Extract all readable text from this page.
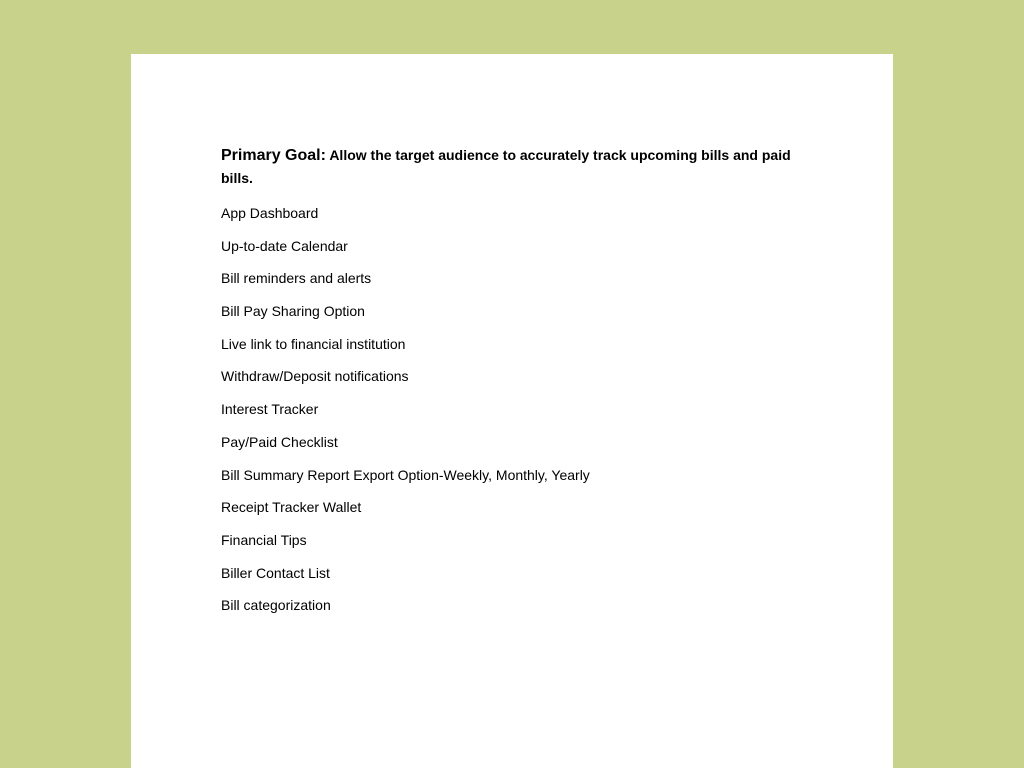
Primary Goal: Allow the target audience to accurately track upcoming bills and paid bills.

App Dashboard
Up-to-date Calendar
Bill reminders and alerts
Bill Pay Sharing Option
Live link to financial institution
Withdraw/Deposit notifications
Interest Tracker
Pay/Paid Checklist
Bill Summary Report Export Option-Weekly, Monthly, Yearly
Receipt Tracker Wallet
Financial Tips
Biller Contact List
Bill categorization
